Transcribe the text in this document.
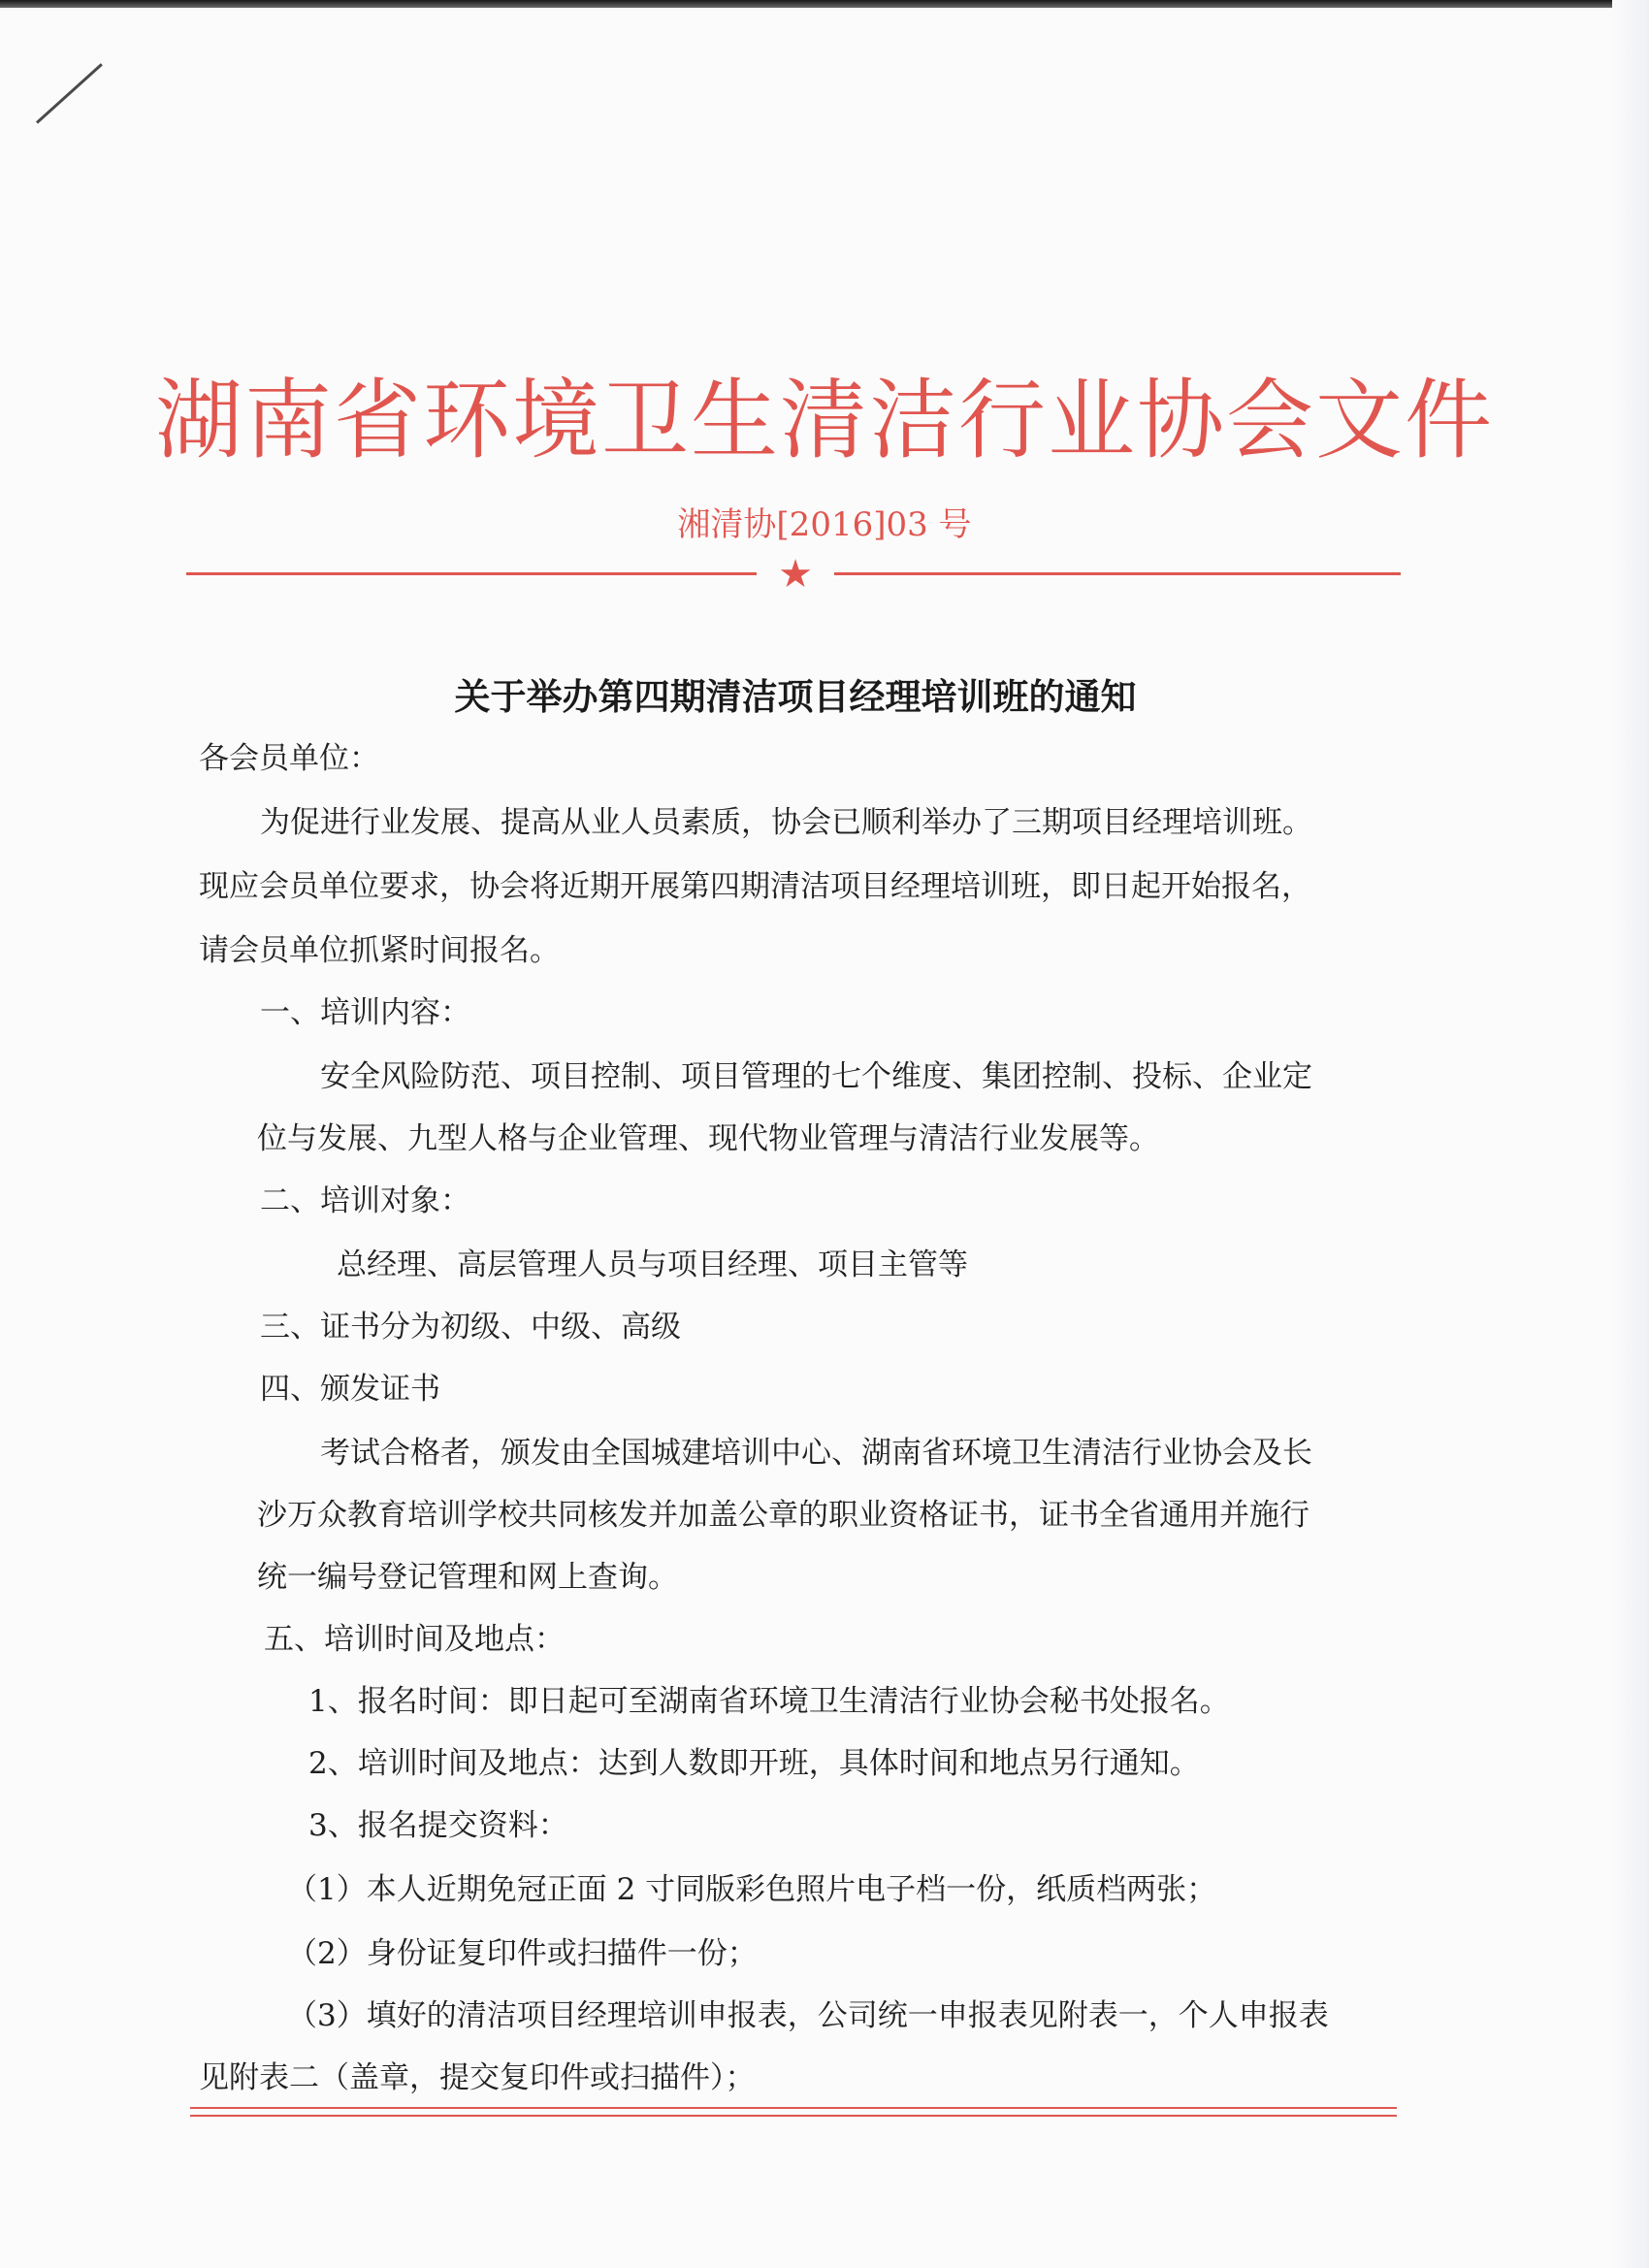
湖南省环境卫生清洁行业协会文件
湘清协[2016]03 号
★
关于举办第四期清洁项目经理培训班的通知
各会员单位：
为促进行业发展、提高从业人员素质，协会已顺利举办了三期项目经理培训班。
现应会员单位要求，协会将近期开展第四期清洁项目经理培训班，即日起开始报名，
请会员单位抓紧时间报名。
一、培训内容：
安全风险防范、项目控制、项目管理的七个维度、集团控制、投标、企业定
位与发展、九型人格与企业管理、现代物业管理与清洁行业发展等。
二、培训对象：
总经理、高层管理人员与项目经理、项目主管等
三、证书分为初级、中级、高级
四、颁发证书
考试合格者，颁发由全国城建培训中心、湖南省环境卫生清洁行业协会及长
沙万众教育培训学校共同核发并加盖公章的职业资格证书，证书全省通用并施行
统一编号登记管理和网上查询。
五、培训时间及地点：
1、报名时间：即日起可至湖南省环境卫生清洁行业协会秘书处报名。
2、培训时间及地点：达到人数即开班，具体时间和地点另行通知。
3、报名提交资料：
（1）本人近期免冠正面 2 寸同版彩色照片电子档一份，纸质档两张；
（2）身份证复印件或扫描件一份；
（3）填好的清洁项目经理培训申报表，公司统一申报表见附表一，个人申报表
见附表二（盖章，提交复印件或扫描件）；
